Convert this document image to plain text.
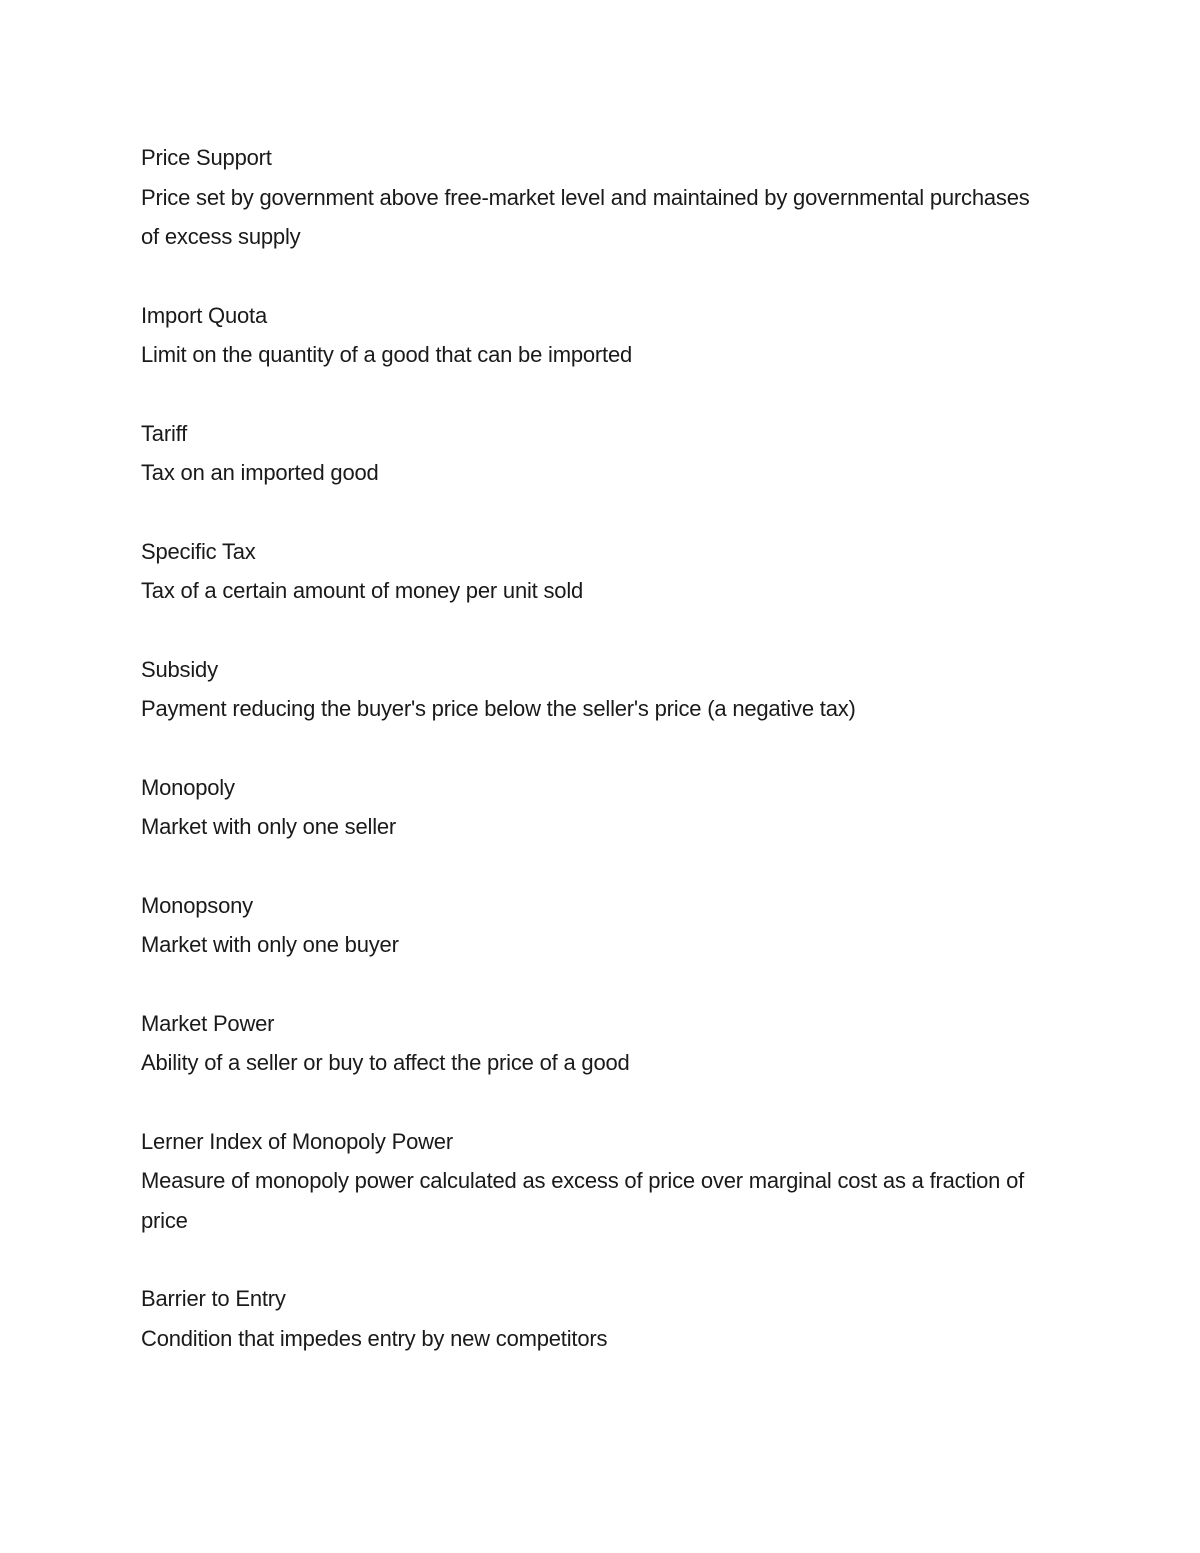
Price Support
Price set by government above free-market level and maintained by governmental purchases of excess supply
Import Quota
Limit on the quantity of a good that can be imported
Tariff
Tax on an imported good
Specific Tax
Tax of a certain amount of money per unit sold
Subsidy
Payment reducing the buyer's price below the seller's price (a negative tax)
Monopoly
Market with only one seller
Monopsony
Market with only one buyer
Market Power
Ability of a seller or buy to affect the price of a good
Lerner Index of Monopoly Power
Measure of monopoly power calculated as excess of price over marginal cost as a fraction of price
Barrier to Entry
Condition that impedes entry by new competitors
